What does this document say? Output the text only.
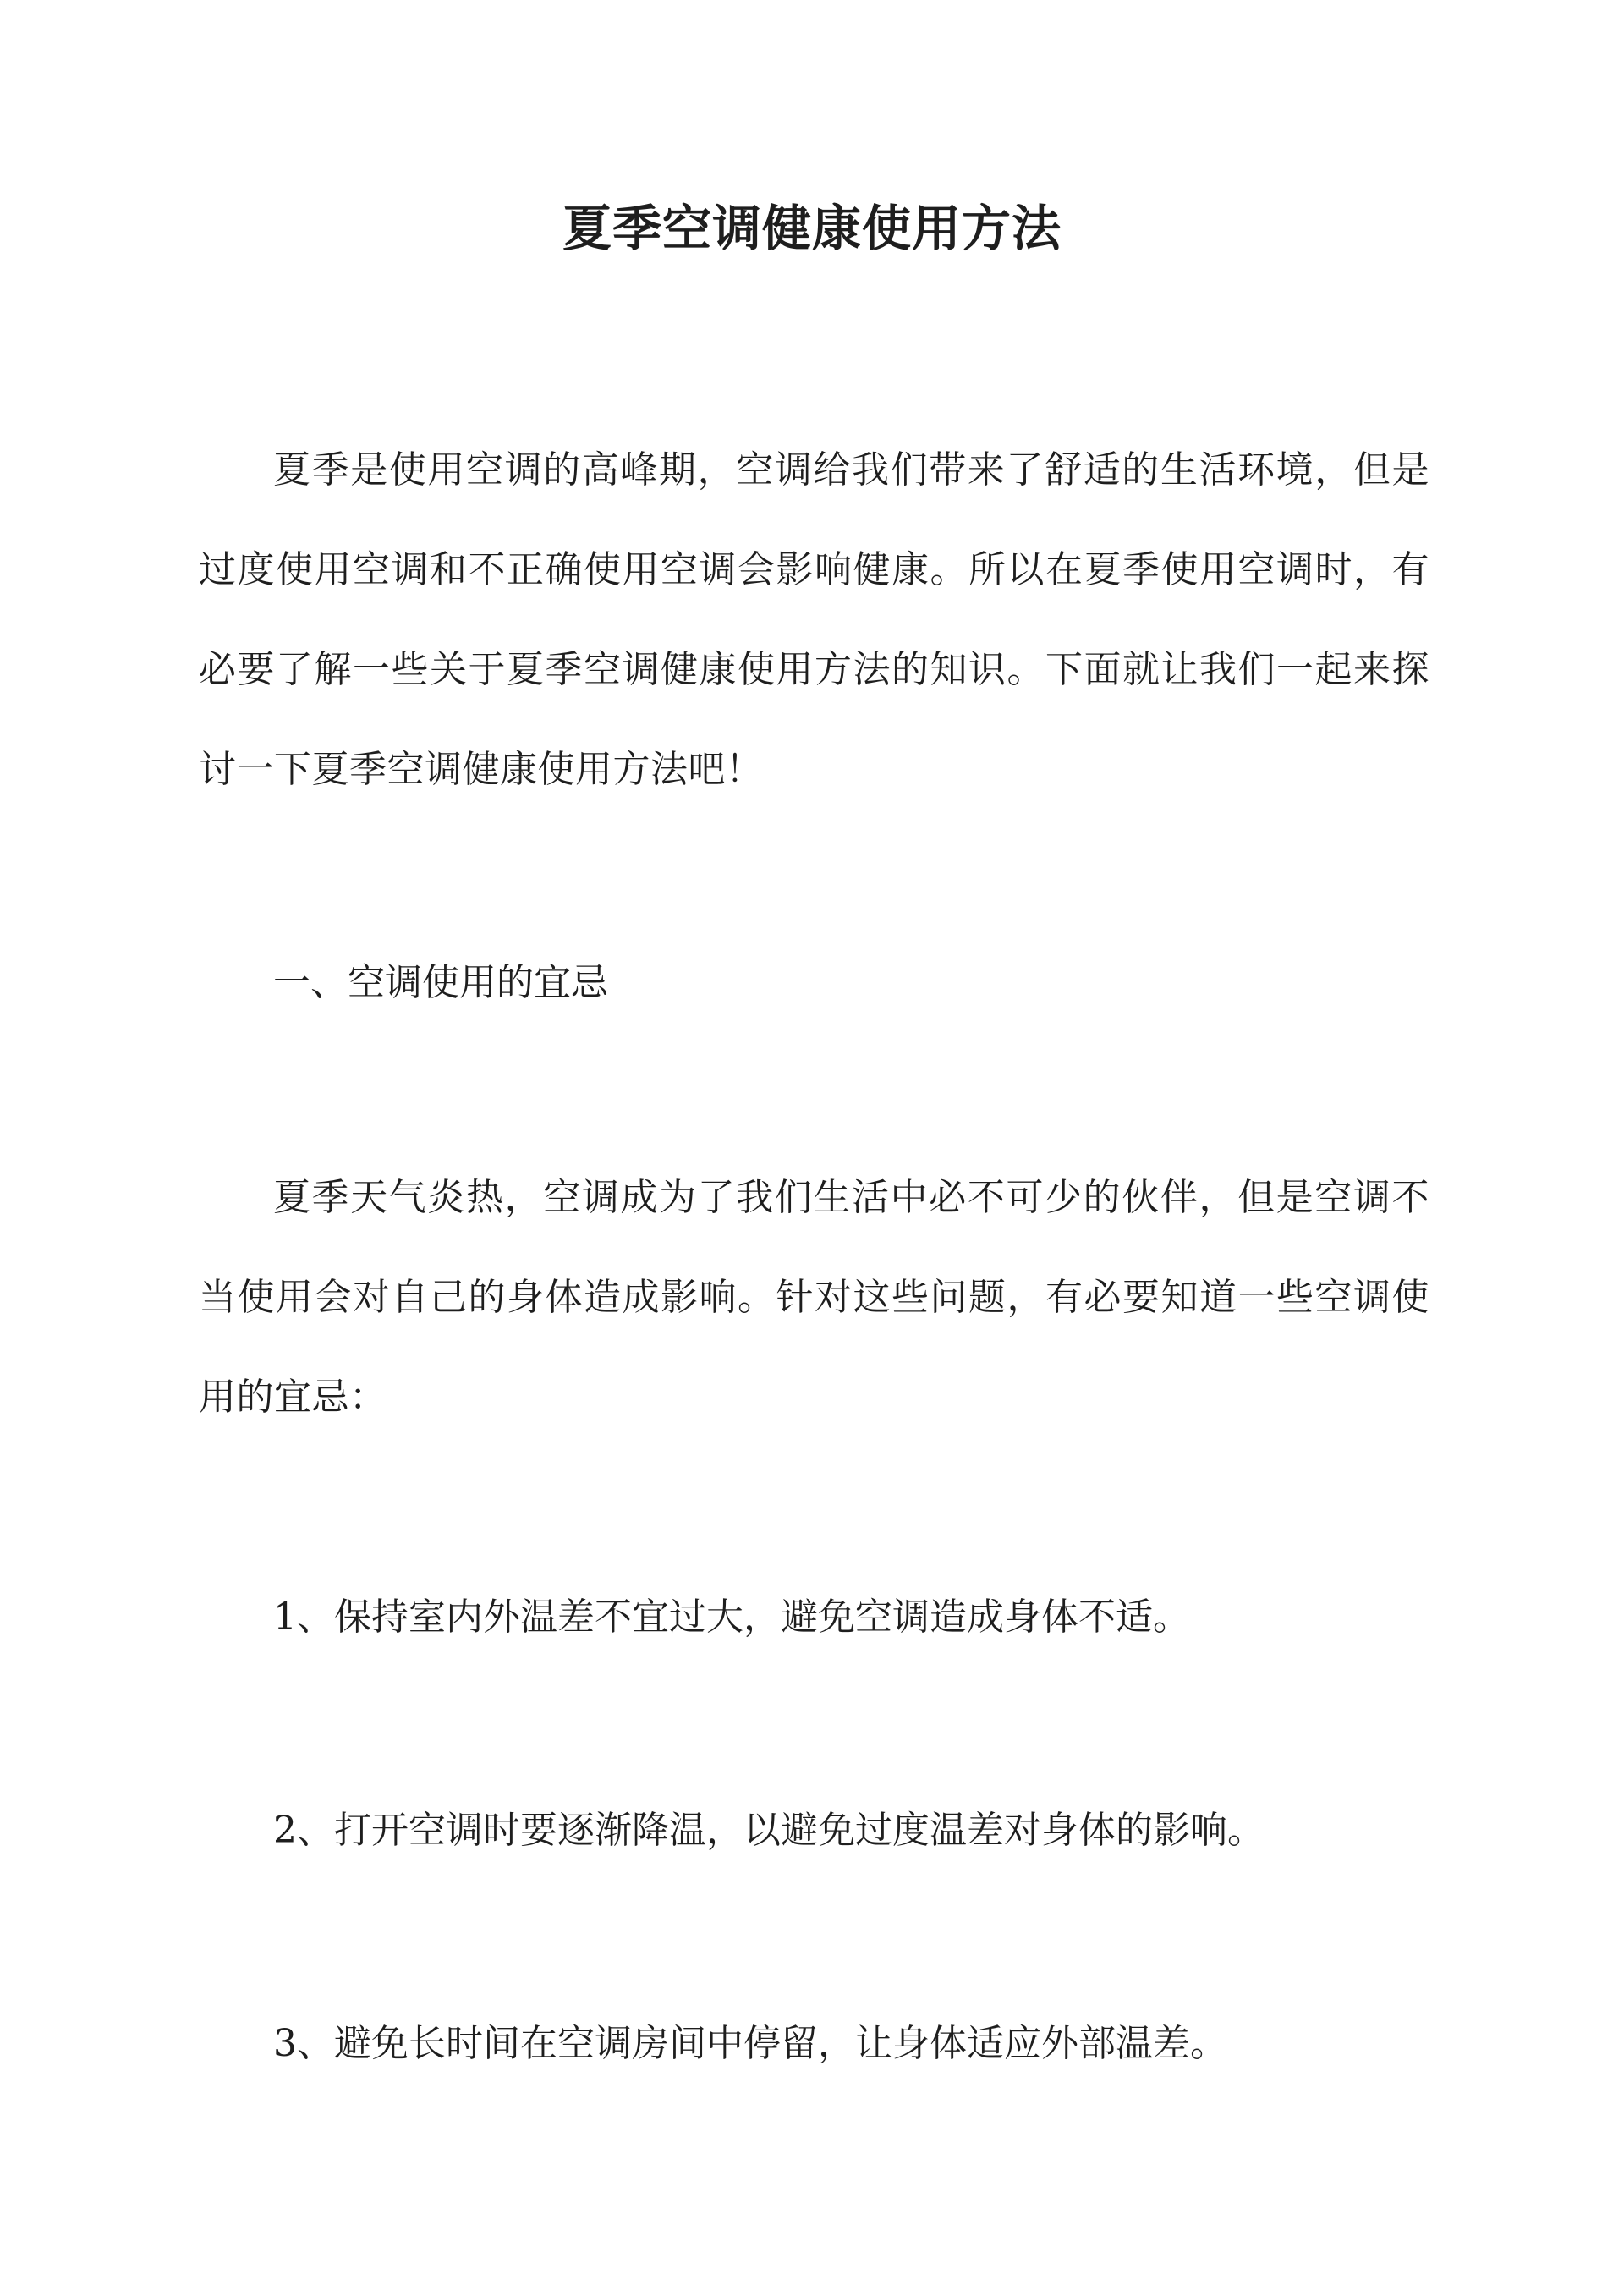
夏季空调健康使用方法

夏季是使用空调的高峰期，空调给我们带来了舒适的生活环境，但是过度使用空调和不正确使用空调会影响健康。所以在夏季使用空调时，有必要了解一些关于夏季空调健康使用方法的知识。下面就让我们一起来探讨一下夏季空调健康使用方法吧！

一、空调使用的宜忌

夏季天气炎热，空调成为了我们生活中必不可少的伙伴，但是空调不当使用会对自己的身体造成影响。针对这些问题，有必要知道一些空调使用的宜忌：

1、保持室内外温差不宜过大，避免空调造成身体不适。

2、打开空调时要逐渐降温，以避免过度温差对身体的影响。

3、避免长时间在空调房间中停留，让身体适应外部温差。
